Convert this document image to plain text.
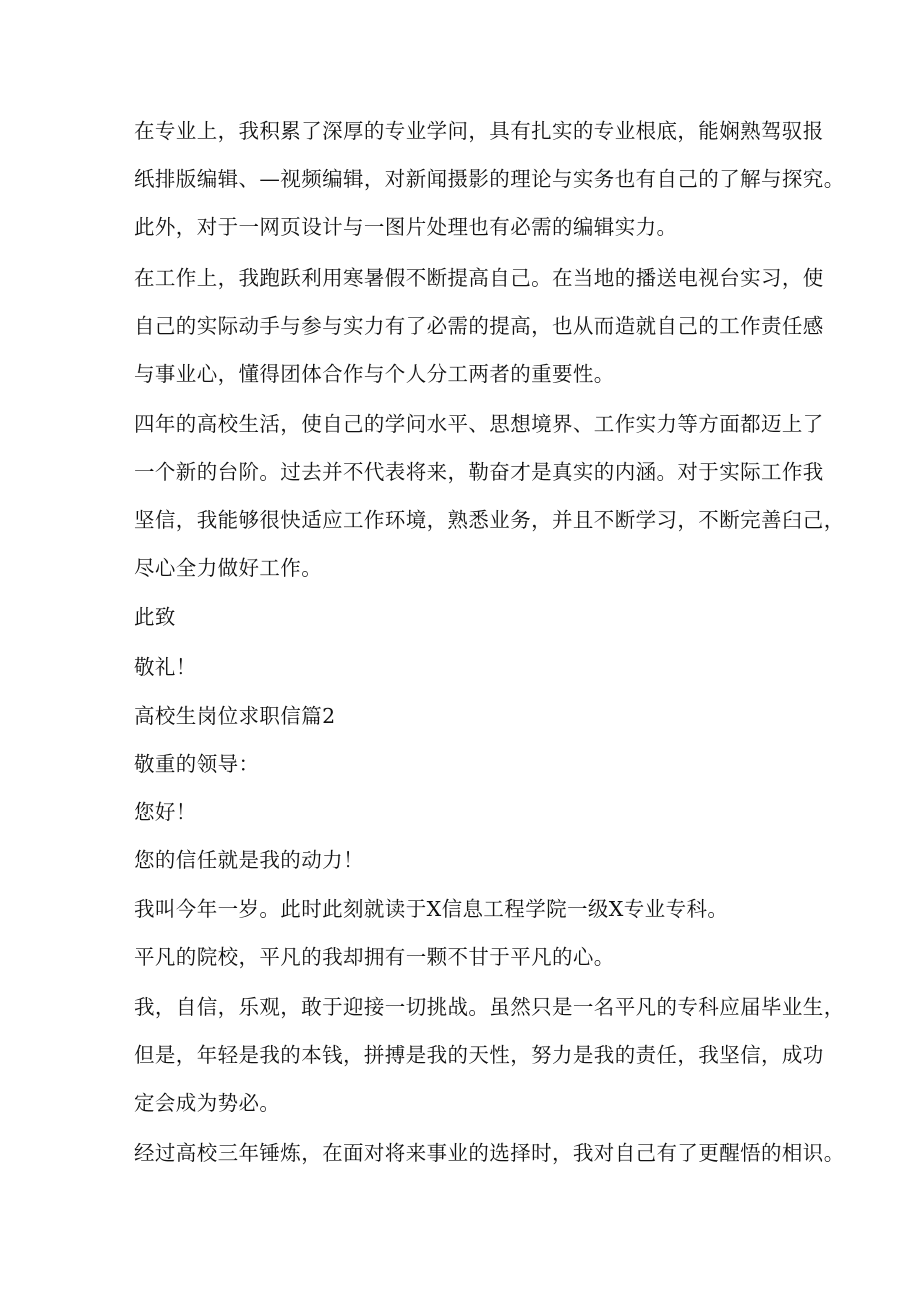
在专业上，我积累了深厚的专业学问，具有扎实的专业根底，能娴熟驾驭报
纸排版编辑、—视频编辑，对新闻摄影的理论与实务也有自己的了解与探究。
此外，对于一网页设计与一图片处理也有必需的编辑实力。
在工作上，我跑跃利用寒暑假不断提高自己。在当地的播送电视台实习，使
自己的实际动手与参与实力有了必需的提高，也从而造就自己的工作责任感
与事业心，懂得团体合作与个人分工两者的重要性。
四年的高校生活，使自己的学问水平、思想境界、工作实力等方面都迈上了
一个新的台阶。过去并不代表将来，勒奋才是真实的内涵。对于实际工作我
坚信，我能够很快适应工作环境，熟悉业务，并且不断学习，不断完善臼己，
尽心全力做好工作。
此致
敬礼！
高校生岗位求职信篇2
敬重的领导：
您好！
您的信任就是我的动力！
我叫今年一岁。此时此刻就读于X信息工程学院一级X专业专科。
平凡的院校，平凡的我却拥有一颗不甘于平凡的心。
我，自信，乐观，敢于迎接一切挑战。虽然只是一名平凡的专科应届毕业生，
但是，年轻是我的本钱，拼搏是我的天性，努力是我的责任，我坚信，成功
定会成为势必。
经过高校三年锤炼，在面对将来事业的选择时，我对自己有了更醒悟的相识。
